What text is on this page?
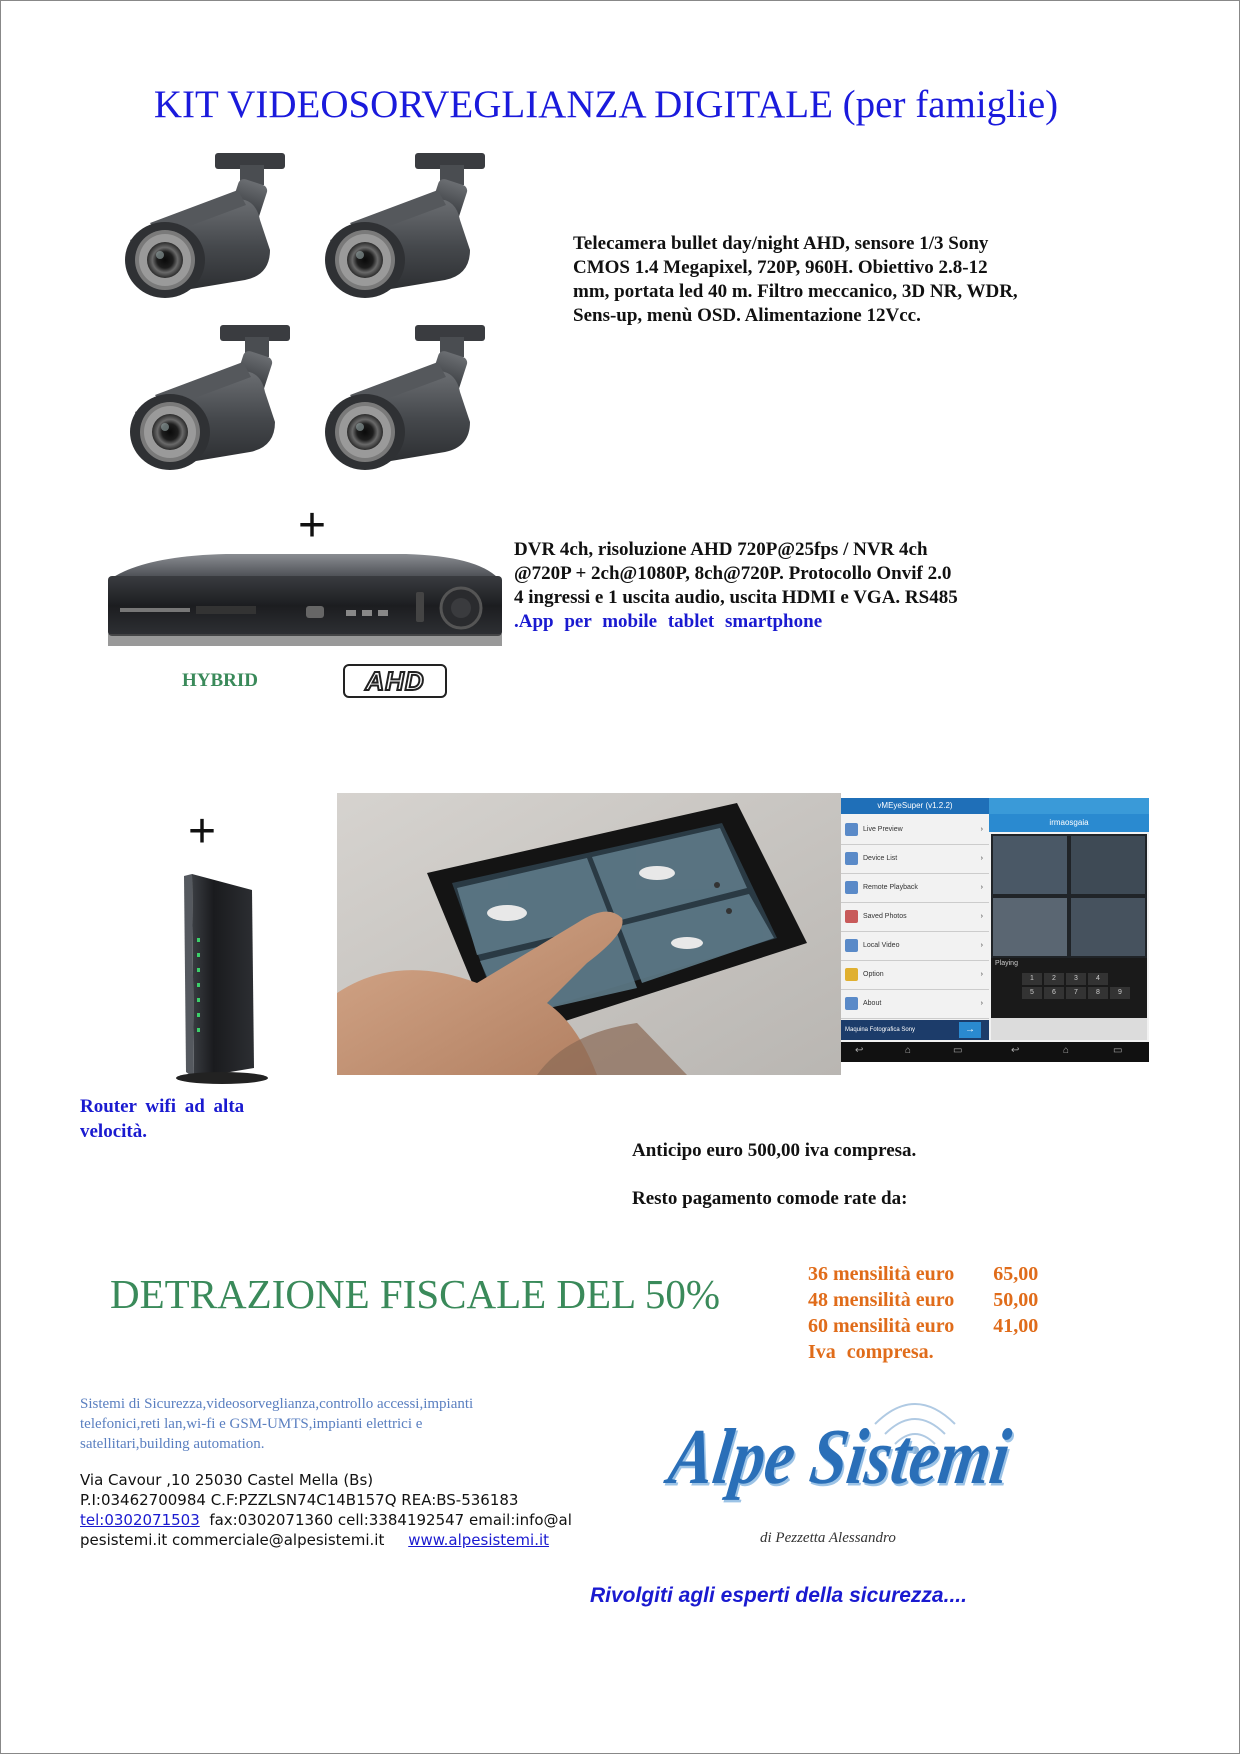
KIT VIDEOSORVEGLIANZA DIGITALE (per famiglie)
Telecamera bullet day/night AHD, sensore 1/3 Sony
CMOS 1.4 Megapixel, 720P, 960H. Obiettivo 2.8-12
mm, portata led 40 m. Filtro meccanico, 3D NR, WDR,
Sens-up, menù OSD. Alimentazione 12Vcc.
+	DVR 4ch, risoluzione AHD 720P@25fps / NVR 4ch
@720P + 2ch@1080P, 8ch@720P. Protocollo Onvif 2.0
4 ingressi e 1 uscita audio, uscita HDMI e VGA. RS485
.App per mobile tablet smartphone
HYBRID	AHD
+
Router wifi ad alta
velocità.
vMEyeSuper (v1.2.2)
irmaosgaia
Live Preview	›
Device List	›
Remote Playback	›
Saved Photos	›
Local Video	›
Option	›
About	›
Maquina Fotografica Sony	→
Playing
1	2	3	4
5	6	7	8	9
↩	⌂	▭	↩	⌂	▭
Anticipo euro 500,00 iva compresa.
Resto pagamento comode rate da:
DETRAZIONE FISCALE DEL 50%	36 mensilità euro 65,00
48 mensilità euro 50,00
60 mensilità euro 41,00
Iva compresa.
Sistemi di Sicurezza,videosorveglianza,controllo accessi,impianti
telefonici,reti lan,wi-fi e GSM-UMTS,impianti elettrici e
satellitari,building automation.
Via Cavour ,10 25030 Castel Mella (Bs)
P.I:03462700984 C.F:PZZLSN74C14B157Q REA:BS-536183
tel:0302071503 fax:0302071360 cell:3384192547 email:info@al
pesistemi.it commerciale@alpesistemi.it www.alpesistemi.it
Alpe Sistemi
di Pezzetta Alessandro
Rivolgiti agli esperti della sicurezza....
